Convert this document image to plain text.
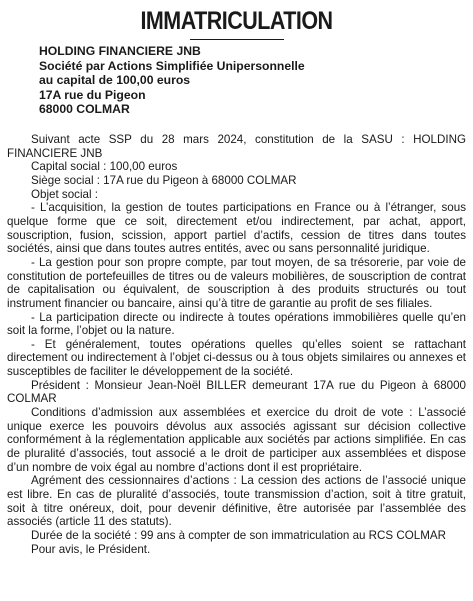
IMMATRICULATION
HOLDING FINANCIERE JNB
Société par Actions Simplifiée Unipersonnelle
au capital de 100,00 euros
17A rue du Pigeon
68000 COLMAR

Suivant acte SSP du 28 mars 2024, constitution de la SASU : HOLDING FINANCIERE JNB

Capital social : 100,00 euros

Siège social : 17A rue du Pigeon à 68000 COLMAR

Objet social :

- L’acquisition, la gestion de toutes participations en France ou à l’étranger, sous quelque forme que ce soit, directement et/ou indirectement, par achat, apport, souscription, fusion, scission, apport partiel d’actifs, cession de titres dans toutes sociétés, ainsi que dans toutes autres entités, avec ou sans personnalité juridique.

- La gestion pour son propre compte, par tout moyen, de sa trésorerie, par voie de constitution de portefeuilles de titres ou de valeurs mobilières, de souscription de contrat de capitalisation ou équivalent, de souscription à des produits structurés ou tout instrument financier ou bancaire, ainsi qu’à titre de garantie au profit de ses filiales.

- La participation directe ou indirecte à toutes opérations immobilières quelle qu’en soit la forme, l’objet ou la nature.

- Et généralement, toutes opérations quelles qu’elles soient se rattachant directement ou indirectement à l’objet ci-dessus ou à tous objets similaires ou annexes et susceptibles de faciliter le développement de la société.

Président : Monsieur Jean-Noël BILLER demeurant 17A rue du Pigeon à 68000 COLMAR

Conditions d’admission aux assemblées et exercice du droit de vote : L’associé unique exerce les pouvoirs dévolus aux associés agissant sur décision collective conformément à la réglementation applicable aux sociétés par actions simplifiée. En cas de pluralité d’associés, tout associé a le droit de participer aux assemblées et dispose d’un nombre de voix égal au nombre d’actions dont il est propriétaire.

Agrément des cessionnaires d’actions : La cession des actions de l’associé unique est libre. En cas de pluralité d’associés, toute transmission d’action, soit à titre gratuit, soit à titre onéreux, doit, pour devenir définitive, être autorisée par l’assemblée des associés (article 11 des statuts).

Durée de la société : 99 ans à compter de son immatriculation au RCS COLMAR

Pour avis, le Président.
